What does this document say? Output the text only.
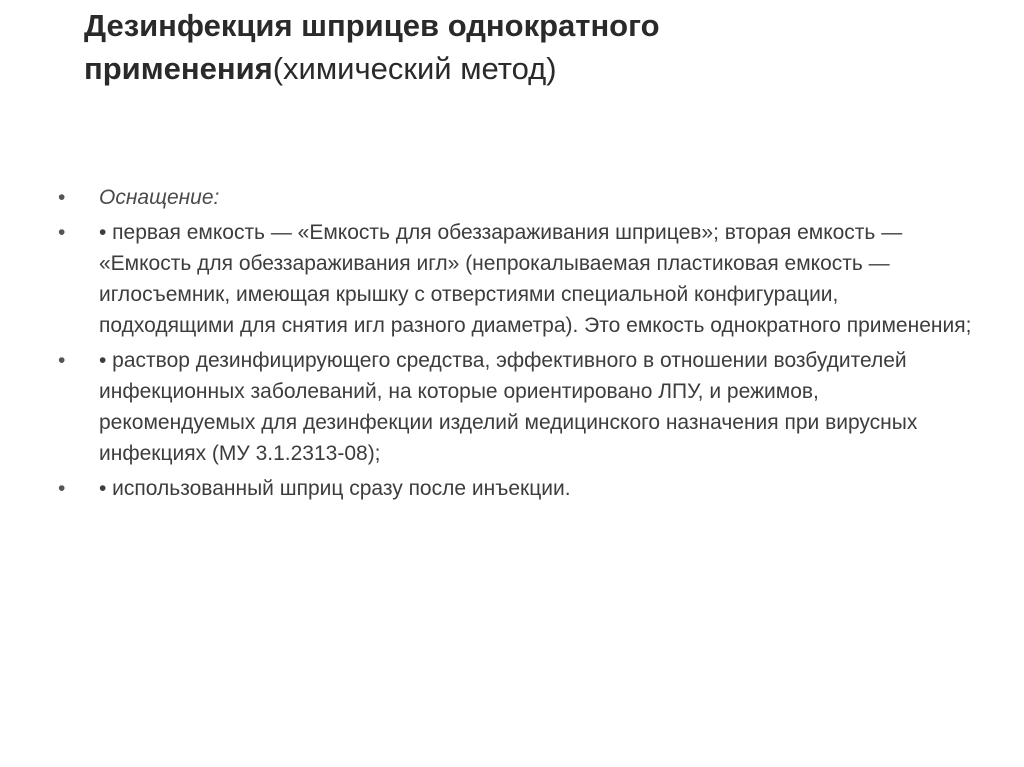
Дезинфекция шприцев однократного применения(химический метод)
•	Оснащение:
•	• первая емкость — «Емкость для обеззараживания шприцев»; вторая емкость — «Емкость для обеззараживания игл» (непрокалываемая пластиковая емкость — иглосъемник, имеющая крышку с отверстиями специальной конфигурации, подходящими для снятия игл разного диаметра). Это емкость однократного применения;
•	• раствор дезинфицирующего средства, эффективного в отношении возбудителей инфекционных заболеваний, на которые ориентировано ЛПУ, и режимов, рекомендуемых для дезинфекции изделий медицинского назначения при вирусных инфекциях (МУ 3.1.2313-08);
•	• использованный шприц сразу после инъекции.
